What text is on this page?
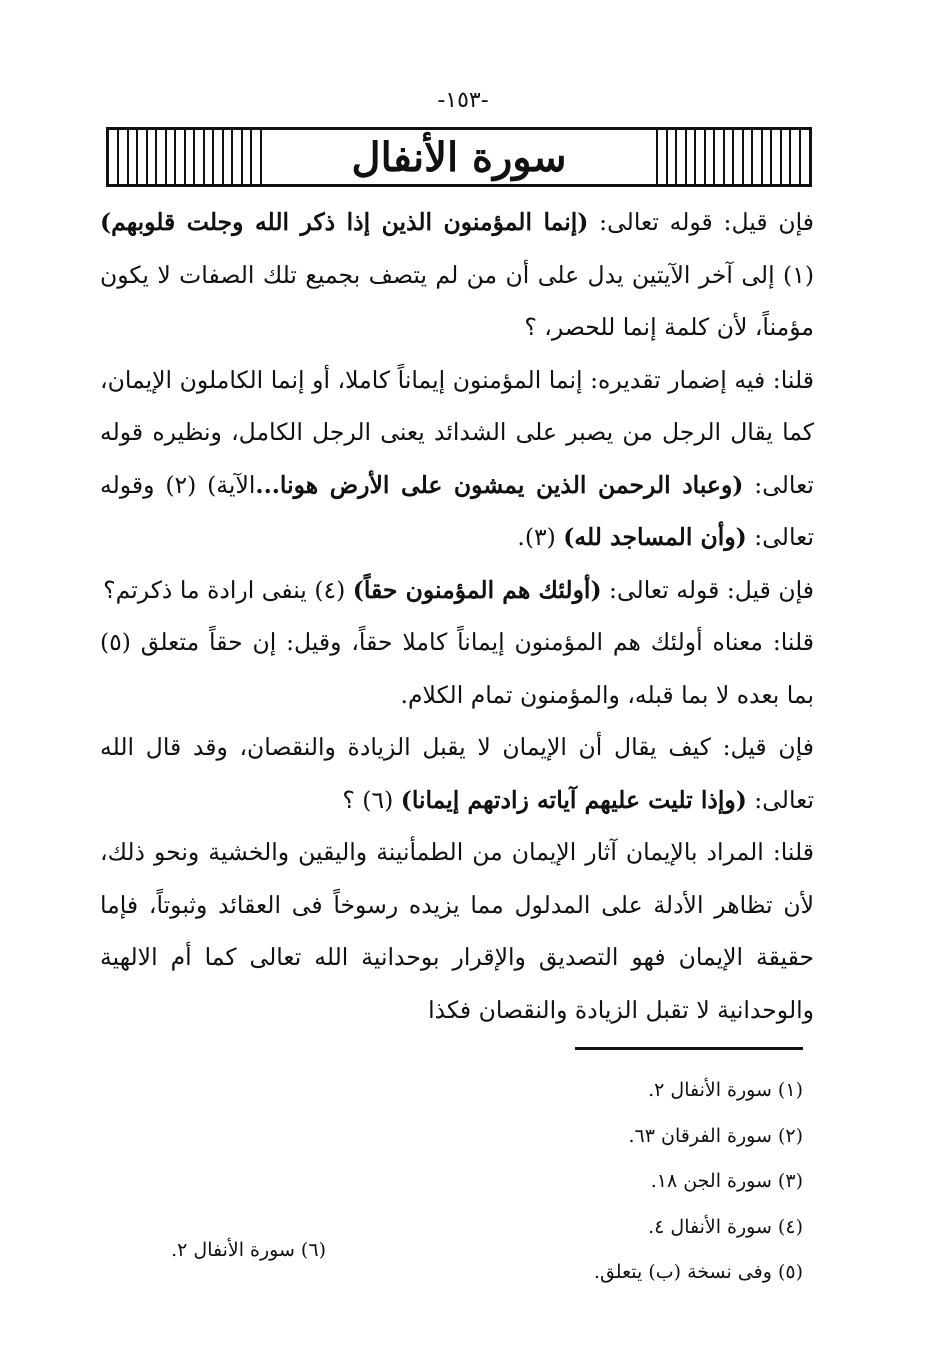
-١٥٣-
سورة الأنفال

فإن قيل: قوله تعالى: (إنما المؤمنون الذين إذا ذكر الله وجلت قلوبهم) (١) إلى آخر الآيتين يدل على أن من لم يتصف بجميع تلك الصفات لا يكون مؤمناً، لأن كلمة إنما للحصر، ؟

قلنا: فيه إضمار تقديره: إنما المؤمنون إيماناً كاملا، أو إنما الكاملون الإيمان، كما يقال الرجل من يصبر على الشدائد يعنى الرجل الكامل، ونظيره قوله تعالى: (وعباد الرحمن الذين يمشون على الأرض هونا...الآية) (٢) وقوله تعالى: (وأن المساجد لله) (٣).

فإن قيل: قوله تعالى: (أولئك هم المؤمنون حقاً) (٤) ينفى ارادة ما ذكرتم؟

قلنا: معناه أولئك هم المؤمنون إيماناً كاملا حقاً، وقيل: إن حقاً متعلق (٥) بما بعده لا بما قبله، والمؤمنون تمام الكلام.

فإن قيل: كيف يقال أن الإيمان لا يقبل الزيادة والنقصان، وقد قال الله تعالى: (وإذا تليت عليهم آياته زادتهم إيمانا) (٦) ؟

قلنا: المراد بالإيمان آثار الإيمان من الطمأنينة واليقين والخشية ونحو ذلك، لأن تظاهر الأدلة على المدلول مما يزيده رسوخاً فى العقائد وثبوتاً، فإما حقيقة الإيمان فهو التصديق والإقرار بوحدانية الله تعالى كما أم الالهية والوحدانية لا تقبل الزيادة والنقصان فكذا

(١) سورة الأنفال ٢.
(٢) سورة الفرقان ٦٣.
(٣) سورة الجن ١٨.
(٤) سورة الأنفال ٤.
(٥) وفى نسخة (ب) يتعلق.
(٦) سورة الأنفال ٢.
